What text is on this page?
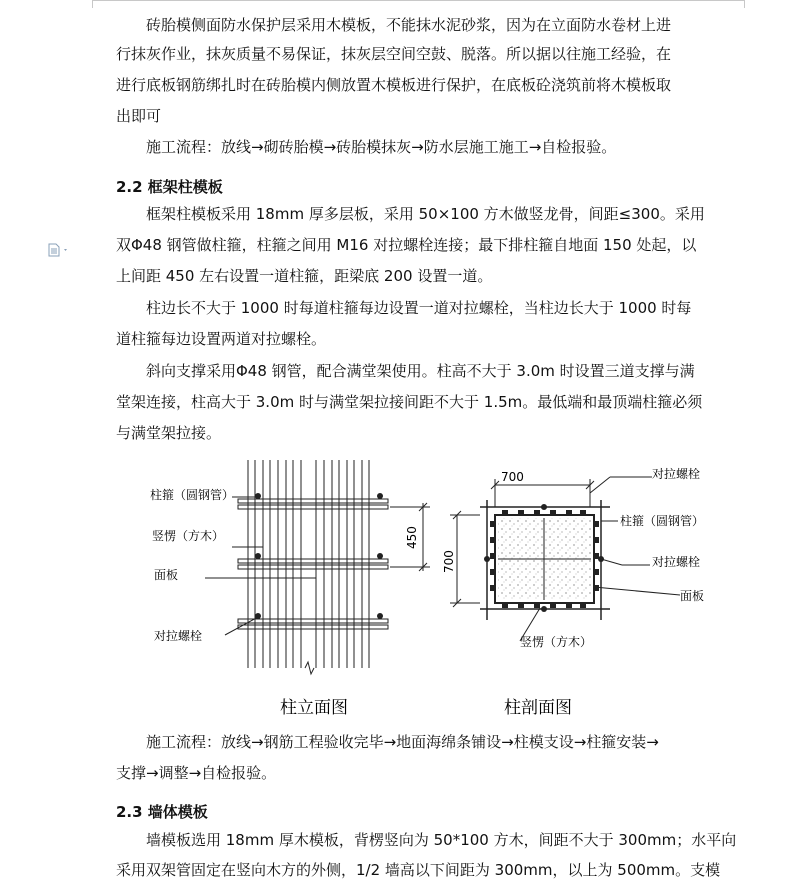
　　砖胎模侧面防水保护层采用木模板，不能抹水泥砂浆，因为在立面防水卷材上进
行抹灰作业，抹灰质量不易保证，抹灰层空间空鼓、脱落。所以据以往施工经验，在
进行底板钢筋绑扎时在砖胎模内侧放置木模板进行保护，在底板砼浇筑前将木模板取
出即可
　　施工流程：放线→砌砖胎模→砖胎模抹灰→防水层施工施工→自检报验。
2.2 框架柱模板
　　框架柱模板采用 18mm 厚多层板，采用 50×100 方木做竖龙骨，间距≤300。采用
双Φ48 钢管做柱箍，柱箍之间用 M16 对拉螺栓连接；最下排柱箍自地面 150 处起，以
上间距 450 左右设置一道柱箍，距梁底 200 设置一道。
　　柱边长不大于 1000 时每道柱箍每边设置一道对拉螺栓，当柱边长大于 1000 时每
道柱箍每边设置两道对拉螺栓。
　　斜向支撑采用Φ48 钢管，配合满堂架使用。柱高不大于 3.0m 时设置三道支撑与满
堂架连接，柱高大于 3.0m 时与满堂架拉接间距不大于 1.5m。最低端和最顶端柱箍必须
与满堂架拉接。
柱箍（圆钢管）
竖愣（方木）
面板
对拉螺栓
450
柱立面图
700
700
对拉螺栓
柱箍（圆钢管）
对拉螺栓
面板
竖愣（方木）
柱剖面图
　　施工流程：放线→钢筋工程验收完毕→地面海绵条铺设→柱模支设→柱箍安装→
支撑→调整→自检报验。
2.3 墙体模板
　　墙模板选用 18mm 厚木模板，背楞竖向为 50*100 方木，间距不大于 300mm；水平向
采用双架管固定在竖向木方的外侧，1/2 墙高以下间距为 300mm，以上为 500mm。支模
